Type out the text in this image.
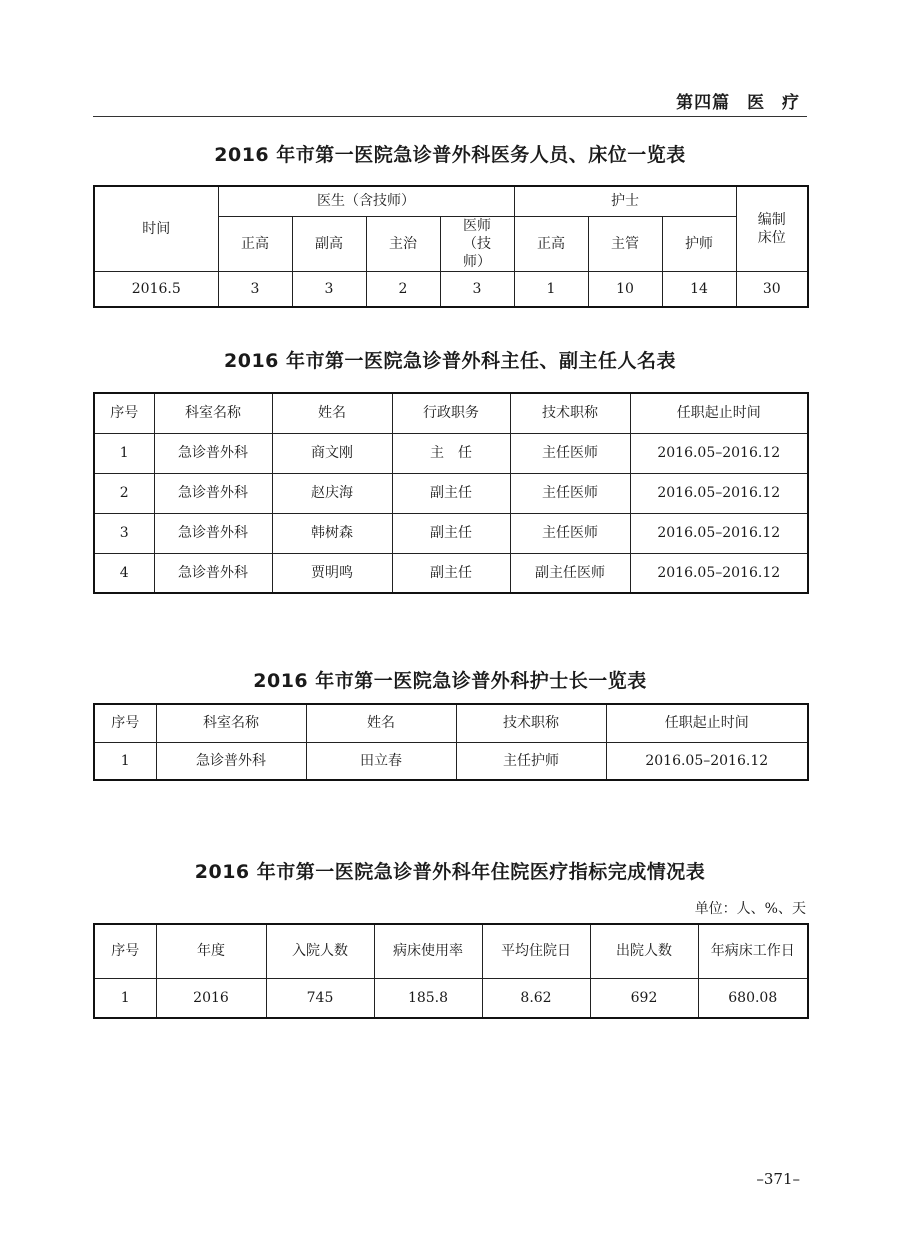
第四篇 医 疗
2016 年市第一医院急诊普外科医务人员、床位一览表
时间	医生（含技师）				护士			编制床位
	正高	副高	主治	医师（技师）	正高	主管	护师	
2016.5	3	3	2	3	1	10	14	30
2016 年市第一医院急诊普外科主任、副主任人名表
序号	科室名称	姓名	行政职务	技术职称	任职起止时间
1	急诊普外科	商文刚	主　任	主任医师	2016.05–2016.12
2	急诊普外科	赵庆海	副主任	主任医师	2016.05–2016.12
3	急诊普外科	韩树森	副主任	主任医师	2016.05–2016.12
4	急诊普外科	贾明鸣	副主任	副主任医师	2016.05–2016.12
2016 年市第一医院急诊普外科护士长一览表
序号	科室名称	姓名	技术职称	任职起止时间
1	急诊普外科	田立春	主任护师	2016.05–2016.12
2016 年市第一医院急诊普外科年住院医疗指标完成情况表
单位：人、%、天
序号	年度	入院人数	病床使用率	平均住院日	出院人数	年病床工作日
1	2016	745	185.8	8.62	692	680.08
–371–
